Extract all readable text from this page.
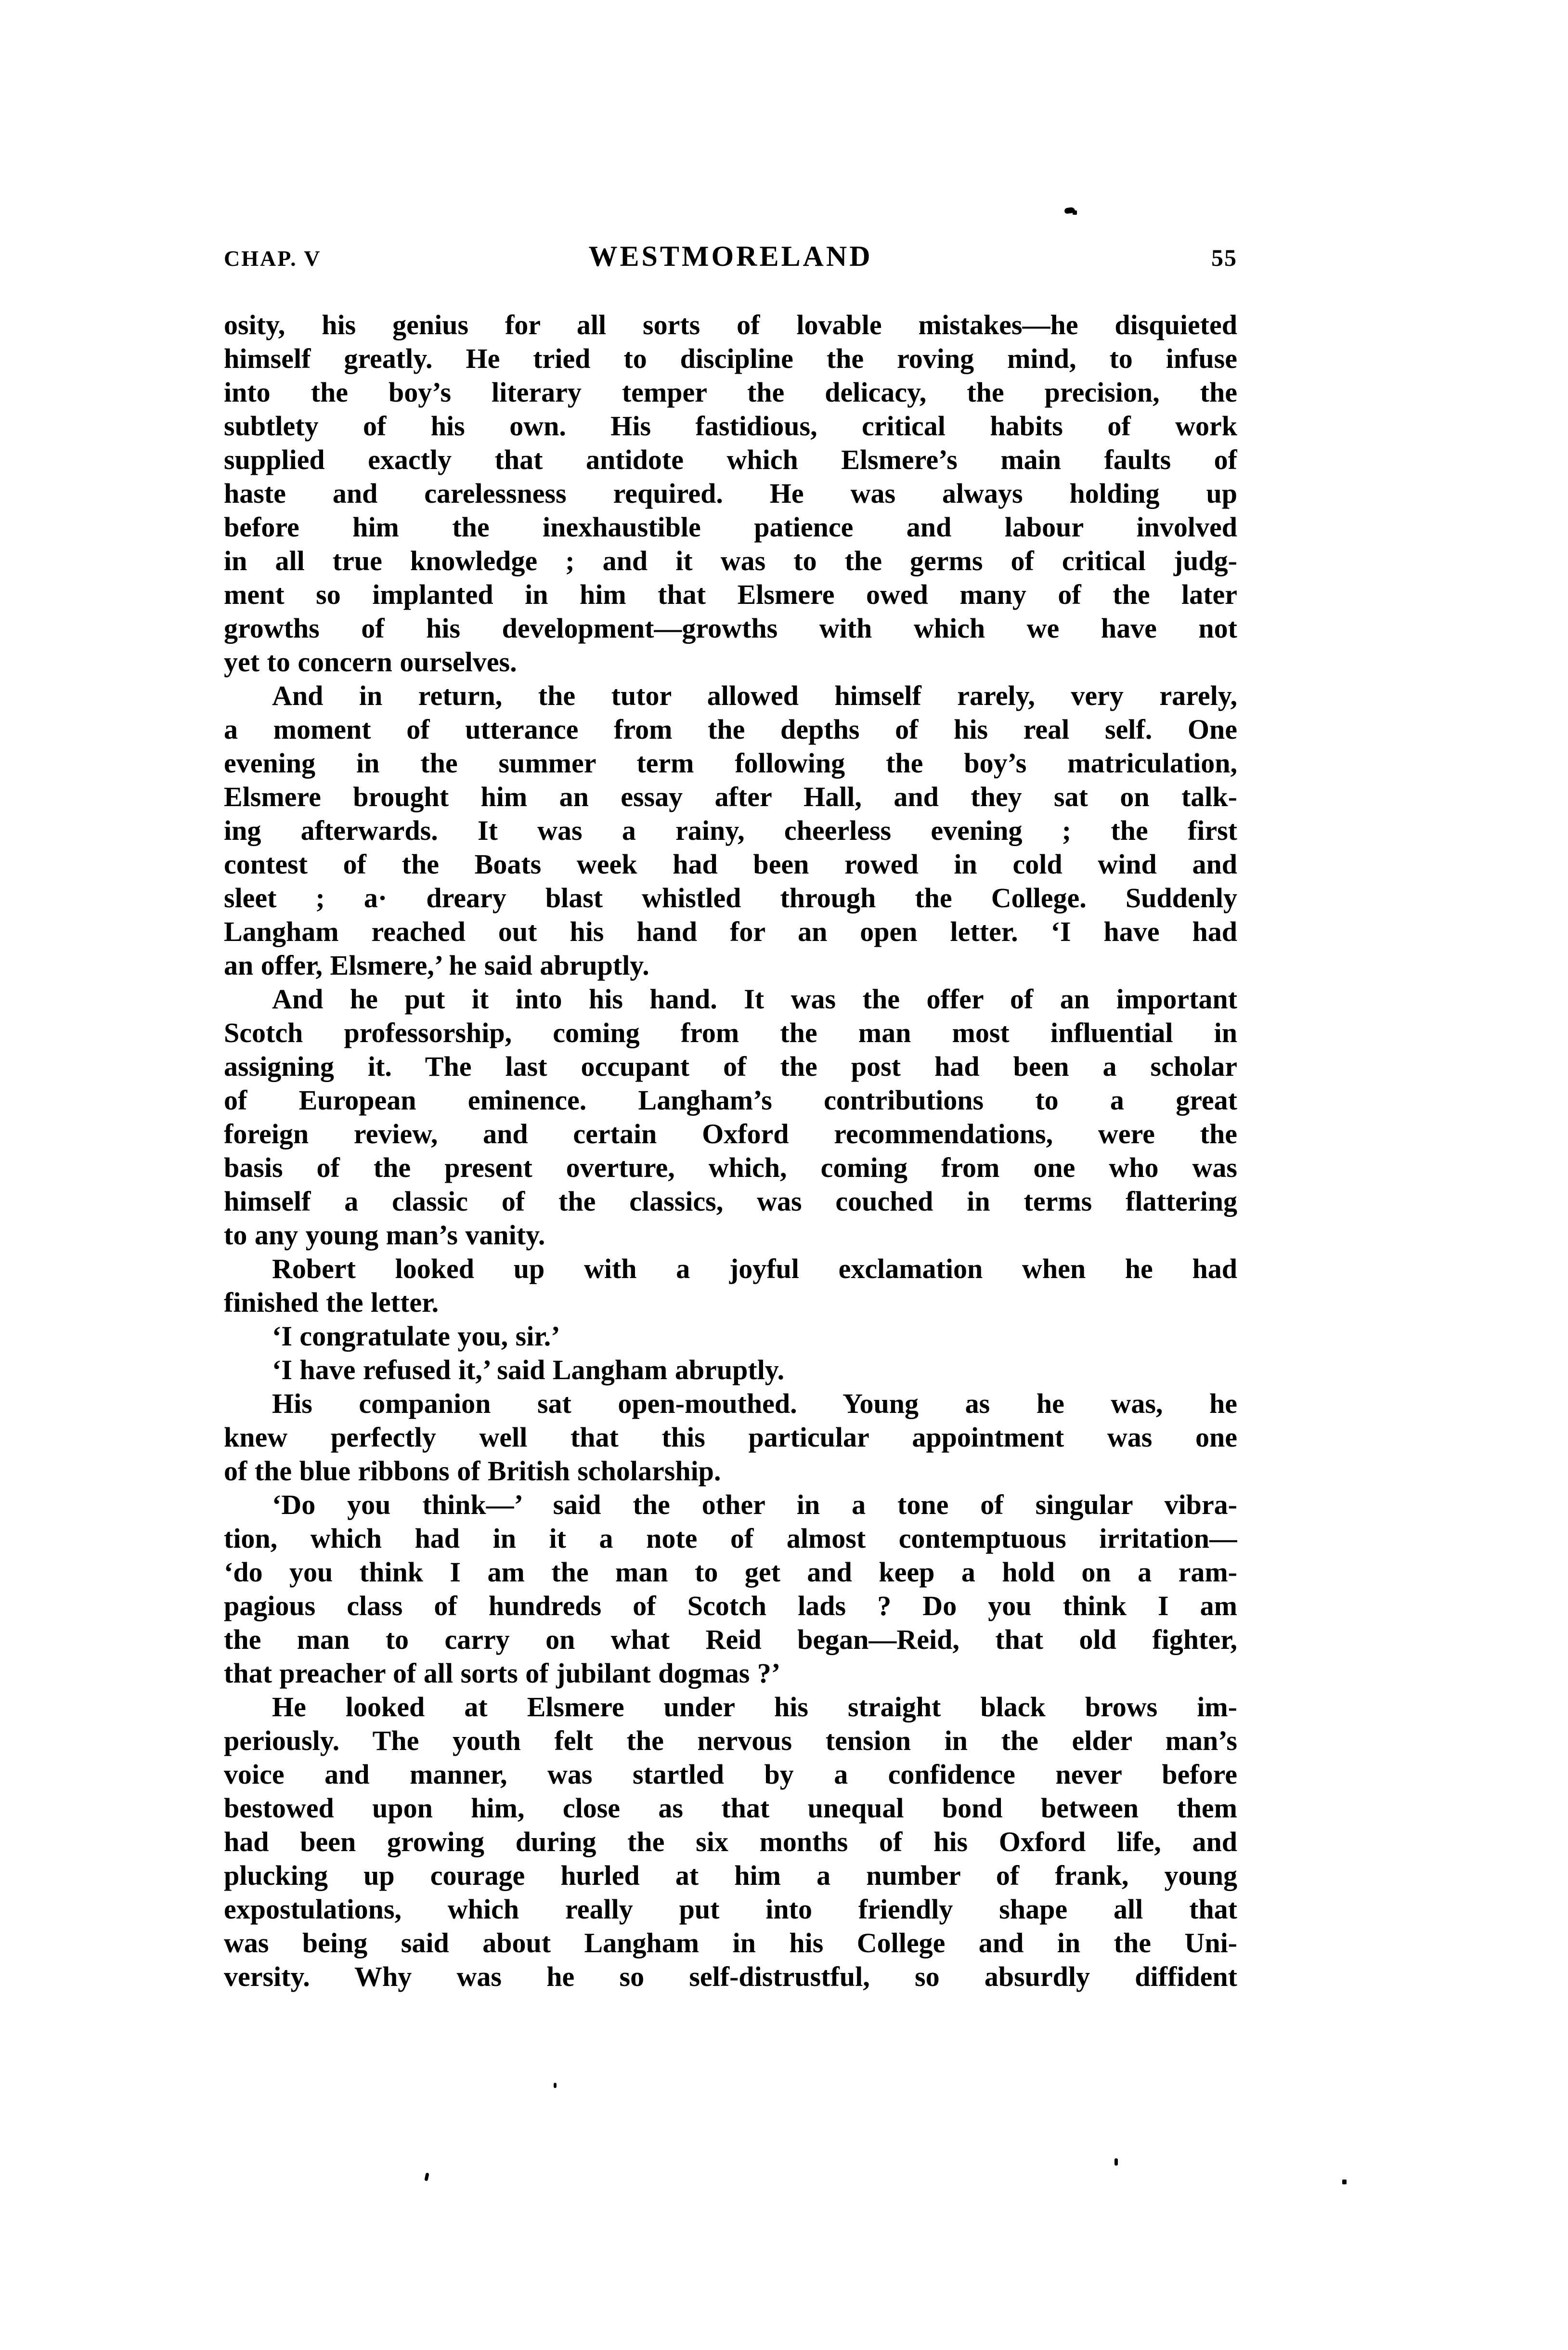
CHAP. V	WESTMORELAND	55
osity, his genius for all sorts of lovable mistakes—he disquieted
himself greatly. He tried to discipline the roving mind, to infuse
into the boy’s literary temper the delicacy, the precision, the
subtlety of his own. His fastidious, critical habits of work
supplied exactly that antidote which Elsmere’s main faults of
haste and carelessness required. He was always holding up
before him the inexhaustible patience and labour involved
in all true knowledge ; and it was to the germs of critical judg-
ment so implanted in him that Elsmere owed many of the later
growths of his development—growths with which we have not
yet to concern ourselves.
And in return, the tutor allowed himself rarely, very rarely,
a moment of utterance from the depths of his real self. One
evening in the summer term following the boy’s matriculation,
Elsmere brought him an essay after Hall, and they sat on talk-
ing afterwards. It was a rainy, cheerless evening ; the first
contest of the Boats week had been rowed in cold wind and
sleet ; a· dreary blast whistled through the College. Suddenly
Langham reached out his hand for an open letter. ‘I have had
an offer, Elsmere,’ he said abruptly.
And he put it into his hand. It was the offer of an important
Scotch professorship, coming from the man most influential in
assigning it. The last occupant of the post had been a scholar
of European eminence. Langham’s contributions to a great
foreign review, and certain Oxford recommendations, were the
basis of the present overture, which, coming from one who was
himself a classic of the classics, was couched in terms flattering
to any young man’s vanity.
Robert looked up with a joyful exclamation when he had
finished the letter.
‘I congratulate you, sir.’
‘I have refused it,’ said Langham abruptly.
His companion sat open-mouthed. Young as he was, he
knew perfectly well that this particular appointment was one
of the blue ribbons of British scholarship.
‘Do you think—’ said the other in a tone of singular vibra-
tion, which had in it a note of almost contemptuous irritation—
‘do you think I am the man to get and keep a hold on a ram-
pagious class of hundreds of Scotch lads ? Do you think I am
the man to carry on what Reid began—Reid, that old fighter,
that preacher of all sorts of jubilant dogmas ?’
He looked at Elsmere under his straight black brows im-
periously. The youth felt the nervous tension in the elder man’s
voice and manner, was startled by a confidence never before
bestowed upon him, close as that unequal bond between them
had been growing during the six months of his Oxford life, and
plucking up courage hurled at him a number of frank, young
expostulations, which really put into friendly shape all that
was being said about Langham in his College and in the Uni-
versity. Why was he so self-distrustful, so absurdly diffident
